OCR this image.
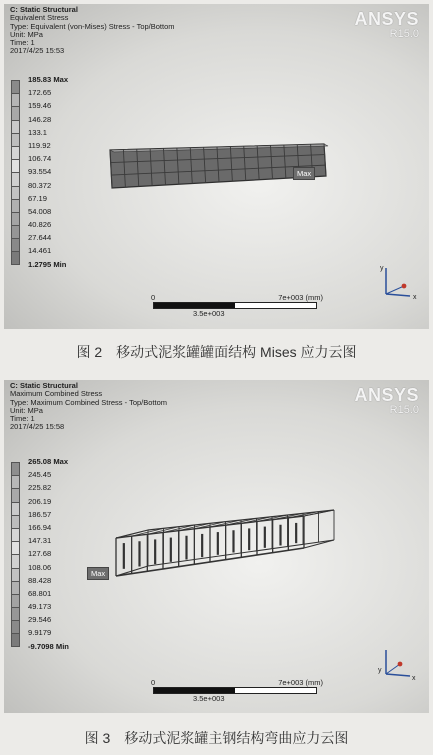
C: Static Structural
Equivalent Stress
Type: Equivalent (von-Mises) Stress - Top/Bottom
Unit: MPa
Time: 1
2017/4/25 15:53
ANSYS
R15.0
185.83 Max
172.65
159.46
146.28
133.1
119.92
106.74
93.554
80.372
67.19
54.008
40.826
27.644
14.461
1.2795 Min
Max
y
x
0	7e+003 (mm)
3.5e+003
图 2　移动式泥浆罐罐面结构 Mises 应力云图
C: Static Structural
Maximum Combined Stress
Type: Maximum Combined Stress - Top/Bottom
Unit: MPa
Time: 1
2017/4/25 15:58
ANSYS
R15.0
265.08 Max
245.45
225.82
206.19
186.57
166.94
147.31
127.68
108.06
88.428
68.801
49.173
29.546
9.9179
-9.7098 Min
Max
y
x
0	7e+003 (mm)
3.5e+003
图 3　移动式泥浆罐主钢结构弯曲应力云图
